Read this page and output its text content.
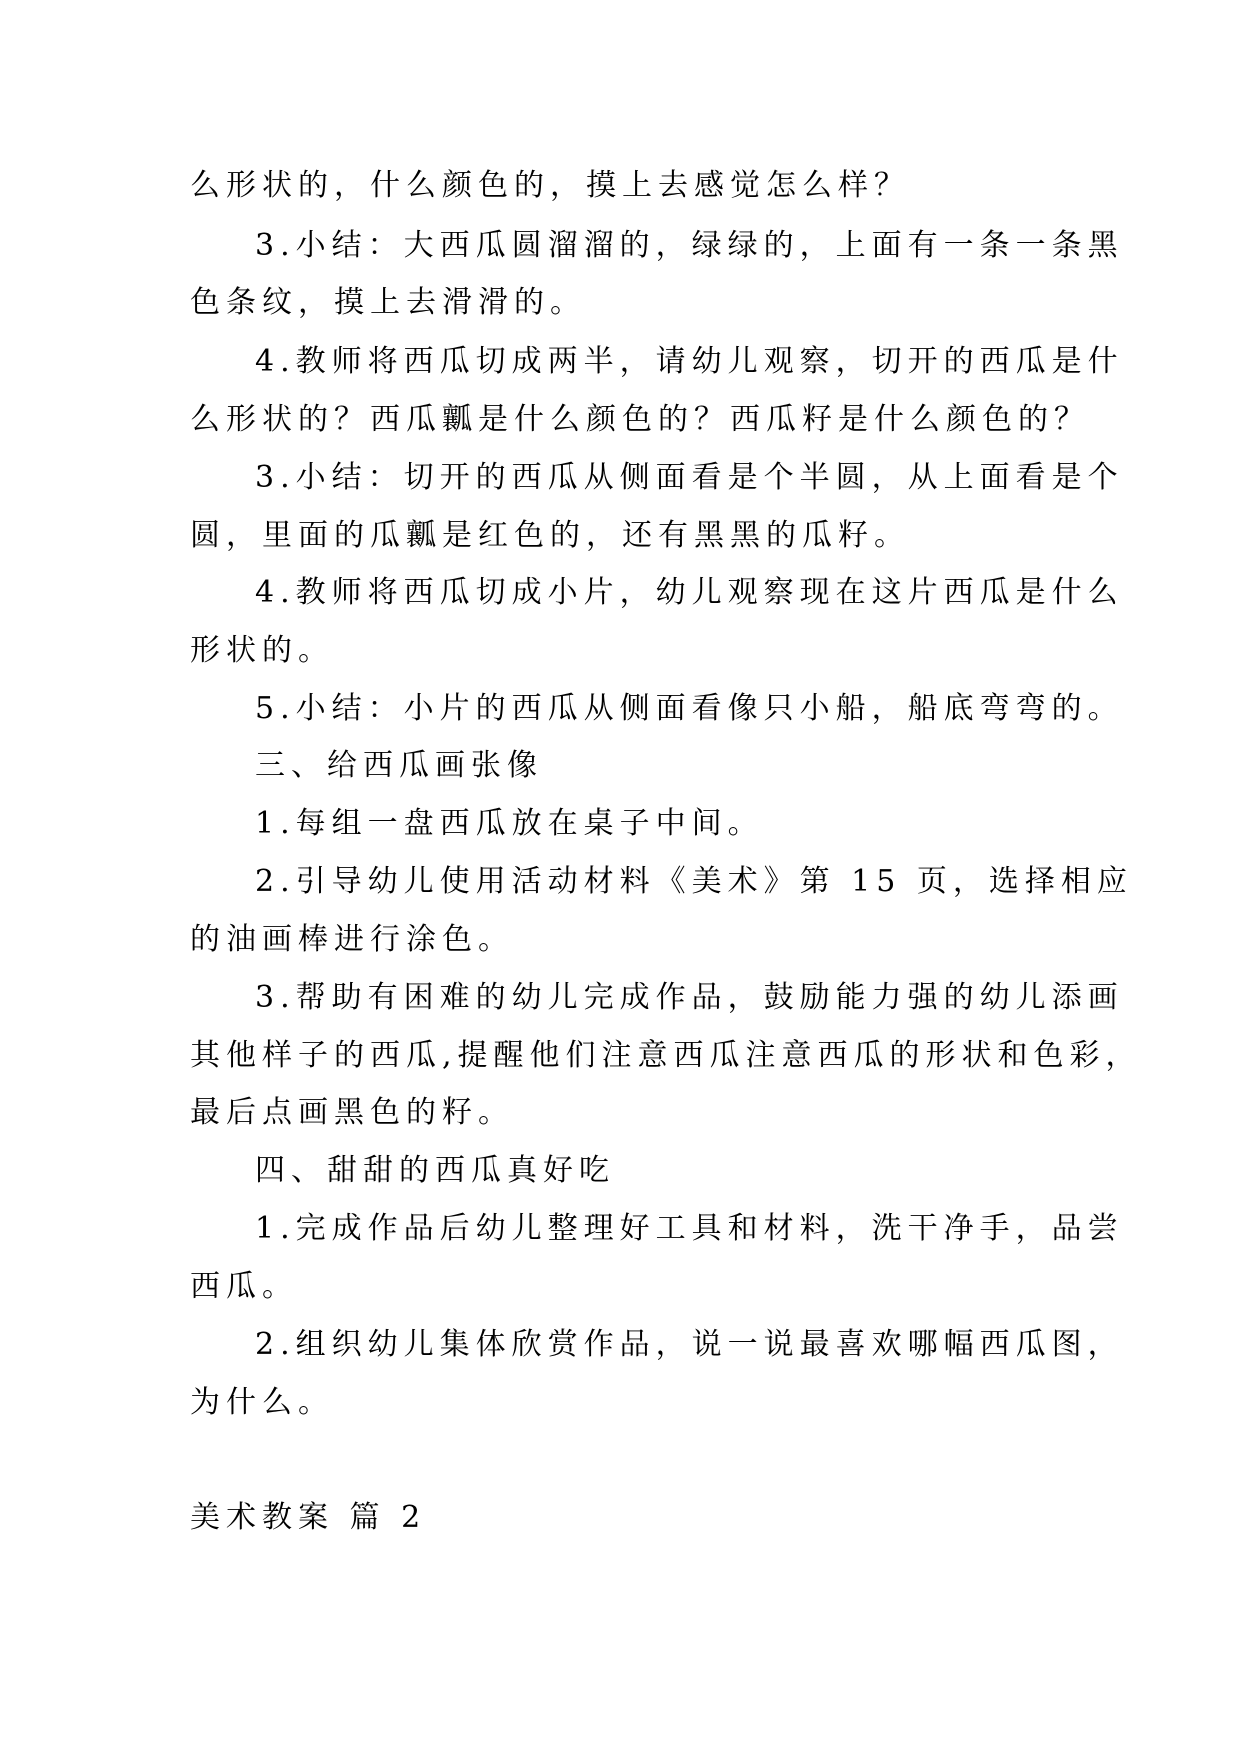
么形状的，什么颜色的，摸上去感觉怎么样？
3.小结：大西瓜圆溜溜的，绿绿的，上面有一条一条黑
色条纹，摸上去滑滑的。
4.教师将西瓜切成两半，请幼儿观察，切开的西瓜是什
么形状的？西瓜瓤是什么颜色的？西瓜籽是什么颜色的？
3.小结：切开的西瓜从侧面看是个半圆，从上面看是个
圆，里面的瓜瓤是红色的，还有黑黑的瓜籽。
4.教师将西瓜切成小片，幼儿观察现在这片西瓜是什么
形状的。
5.小结：小片的西瓜从侧面看像只小船，船底弯弯的。
三、给西瓜画张像
1.每组一盘西瓜放在桌子中间。
2.引导幼儿使用活动材料《美术》第 15 页，选择相应
的油画棒进行涂色。
3.帮助有困难的幼儿完成作品，鼓励能力强的幼儿添画
其他样子的西瓜,提醒他们注意西瓜注意西瓜的形状和色彩，
最后点画黑色的籽。
四、甜甜的西瓜真好吃
1.完成作品后幼儿整理好工具和材料，洗干净手，品尝
西瓜。
2.组织幼儿集体欣赏作品，说一说最喜欢哪幅西瓜图，
为什么。
美术教案 篇 2
